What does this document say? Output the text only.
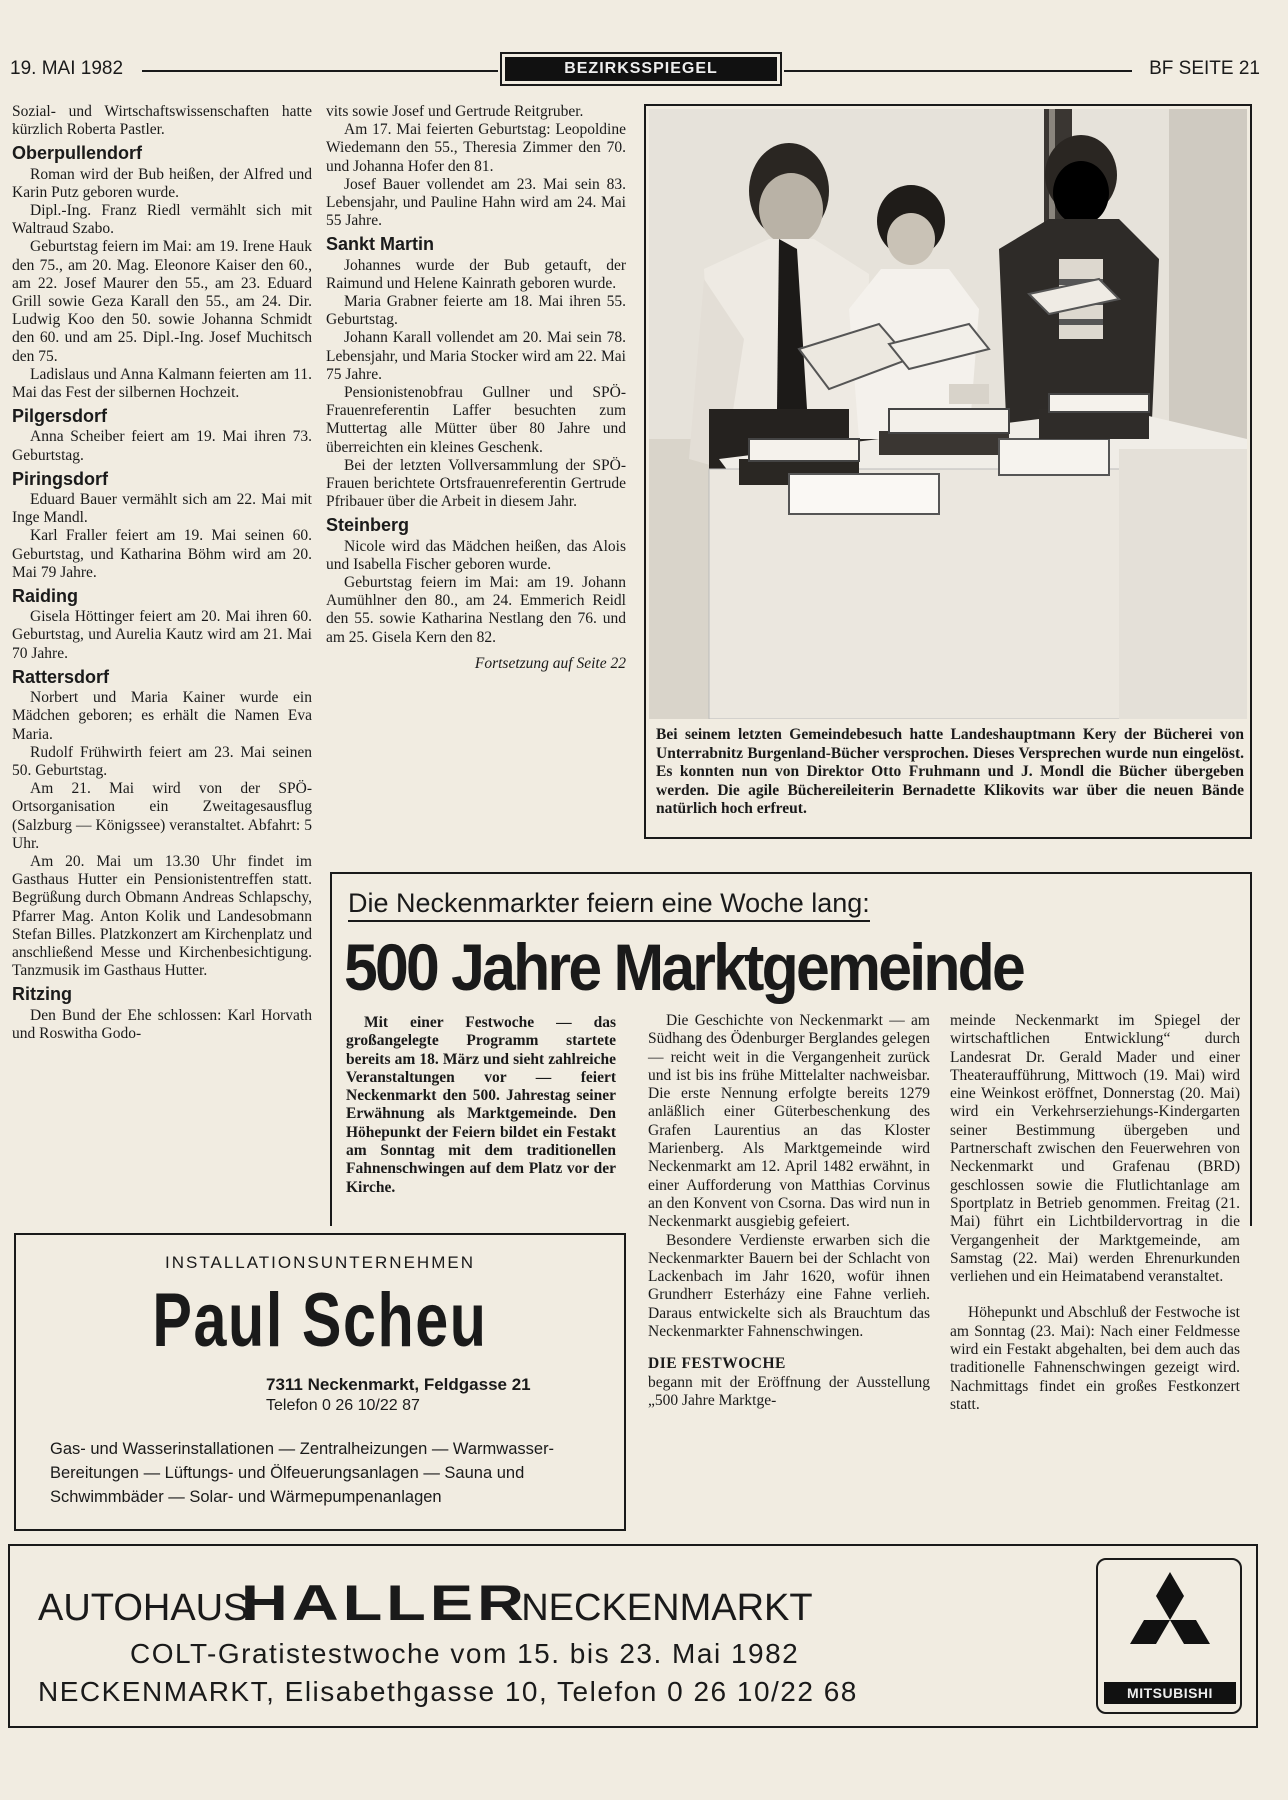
19. MAI 1982	BEZIRKSSPIEGEL	BF SEITE 21

Sozial- und Wirtschaftswissenschaften hatte kürzlich Roberta Pastler.

Oberpullendorf

Roman wird der Bub heißen, der Alfred und Karin Putz geboren wurde.

Dipl.-Ing. Franz Riedl vermählt sich mit Waltraud Szabo.

Geburtstag feiern im Mai: am 19. Irene Hauk den 75., am 20. Mag. Eleonore Kaiser den 60., am 22. Josef Maurer den 55., am 23. Eduard Grill sowie Geza Karall den 55., am 24. Dir. Ludwig Koo den 50. sowie Johanna Schmidt den 60. und am 25. Dipl.-Ing. Josef Muchitsch den 75.

Ladislaus und Anna Kalmann feierten am 11. Mai das Fest der silbernen Hochzeit.

Pilgersdorf

Anna Scheiber feiert am 19. Mai ihren 73. Geburtstag.

Piringsdorf

Eduard Bauer vermählt sich am 22. Mai mit Inge Mandl.

Karl Fraller feiert am 19. Mai seinen 60. Geburtstag, und Katharina Böhm wird am 20. Mai 79 Jahre.

Raiding

Gisela Höttinger feiert am 20. Mai ihren 60. Geburtstag, und Aurelia Kautz wird am 21. Mai 70 Jahre.

Rattersdorf

Norbert und Maria Kainer wurde ein Mädchen geboren; es erhält die Namen Eva Maria.

Rudolf Frühwirth feiert am 23. Mai seinen 50. Geburtstag.

Am 21. Mai wird von der SPÖ-Ortsorganisation ein Zweitagesausflug (Salzburg — Königssee) veranstaltet. Abfahrt: 5 Uhr.

Am 20. Mai um 13.30 Uhr findet im Gasthaus Hutter ein Pensionistentreffen statt. Begrüßung durch Obmann Andreas Schlapschy, Pfarrer Mag. Anton Kolik und Landesobmann Stefan Billes. Platzkonzert am Kirchenplatz und anschließend Messe und Kirchenbesichtigung. Tanzmusik im Gasthaus Hutter.

Ritzing

Den Bund der Ehe schlossen: Karl Horvath und Roswitha Godo-

vits sowie Josef und Gertrude Reitgruber.

Am 17. Mai feierten Geburtstag: Leopoldine Wiedemann den 55., Theresia Zimmer den 70. und Johanna Hofer den 81.

Josef Bauer vollendet am 23. Mai sein 83. Lebensjahr, und Pauline Hahn wird am 24. Mai 55 Jahre.

Sankt Martin

Johannes wurde der Bub getauft, der Raimund und Helene Kainrath geboren wurde.

Maria Grabner feierte am 18. Mai ihren 55. Geburtstag.

Johann Karall vollendet am 20. Mai sein 78. Lebensjahr, und Maria Stocker wird am 22. Mai 75 Jahre.

Pensionistenobfrau Gullner und SPÖ-Frauenreferentin Laffer besuchten zum Muttertag alle Mütter über 80 Jahre und überreichten ein kleines Geschenk.

Bei der letzten Vollversammlung der SPÖ-Frauen berichtete Ortsfrauenreferentin Gertrude Pfribauer über die Arbeit in diesem Jahr.

Steinberg

Nicole wird das Mädchen heißen, das Alois und Isabella Fischer geboren wurde.

Geburtstag feiern im Mai: am 19. Johann Aumühlner den 80., am 24. Emmerich Reidl den 55. sowie Katharina Nestlang den 76. und am 25. Gisela Kern den 82.

Fortsetzung auf Seite 22
Bei seinem letzten Gemeindebesuch hatte Landeshauptmann Kery der Bücherei von Unterrabnitz Burgenland-Bücher versprochen. Dieses Versprechen wurde nun eingelöst. Es konnten nun von Direktor Otto Fruhmann und J. Mondl die Bücher übergeben werden. Die agile Büchereileiterin Bernadette Klikovits war über die neuen Bände natürlich hoch erfreut.
Die Neckenmarkter feiern eine Woche lang:
500 Jahre Marktgemeinde

Mit einer Festwoche — das großangelegte Programm startete bereits am 18. März und sieht zahlreiche Veranstaltungen vor — feiert Neckenmarkt den 500. Jahrestag seiner Erwähnung als Marktgemeinde. Den Höhepunkt der Feiern bildet ein Festakt am Sonntag mit dem traditionellen Fahnenschwingen auf dem Platz vor der Kirche.

Die Geschichte von Neckenmarkt — am Südhang des Ödenburger Berglandes gelegen — reicht weit in die Vergangenheit zurück und ist bis ins frühe Mittelalter nachweisbar. Die erste Nennung erfolgte bereits 1279 anläßlich einer Güterbeschenkung des Grafen Laurentius an das Kloster Marienberg. Als Marktgemeinde wird Neckenmarkt am 12. April 1482 erwähnt, in einer Aufforderung von Matthias Corvinus an den Konvent von Csorna. Das wird nun in Neckenmarkt ausgiebig gefeiert.

Besondere Verdienste erwarben sich die Neckenmarkter Bauern bei der Schlacht von Lackenbach im Jahr 1620, wofür ihnen Grundherr Esterházy eine Fahne verlieh. Daraus entwickelte sich als Brauchtum das Neckenmarkter Fahnenschwingen.

DIE FESTWOCHE

begann mit der Eröffnung der Ausstellung „500 Jahre Marktge-

meinde Neckenmarkt im Spiegel der wirtschaftlichen Entwicklung“ durch Landesrat Dr. Gerald Mader und einer Theateraufführung, Mittwoch (19. Mai) wird eine Weinkost eröffnet, Donnerstag (20. Mai) wird ein Verkehrserziehungs-Kindergarten seiner Bestimmung übergeben und Partnerschaft zwischen den Feuerwehren von Neckenmarkt und Grafenau (BRD) geschlossen sowie die Flutlichtanlage am Sportplatz in Betrieb genommen. Freitag (21. Mai) führt ein Lichtbildervortrag in die Vergangenheit der Marktgemeinde, am Samstag (22. Mai) werden Ehrenurkunden verliehen und ein Heimatabend veranstaltet.

Höhepunkt und Abschluß der Festwoche ist am Sonntag (23. Mai): Nach einer Feldmesse wird ein Festakt abgehalten, bei dem auch das traditionelle Fahnenschwingen gezeigt wird. Nachmittags findet ein großes Festkonzert statt.

INSTALLATIONSUNTERNEHMEN
Paul Scheu
7311 Neckenmarkt, Feldgasse 21
Telefon 0 26 10/22 87
Gas- und Wasserinstallationen — Zentralheizungen — Warmwasser-Bereitungen — Lüftungs- und Ölfeuerungsanlagen — Sauna und Schwimmbäder — Solar- und Wärmepumpenanlagen
AUTOHAUSHALLERNECKENMARKT
COLT-Gratistestwoche vom 15. bis 23. Mai 1982
NECKENMARKT, Elisabethgasse 10, Telefon 0 26 10/22 68	MITSUBISHI
